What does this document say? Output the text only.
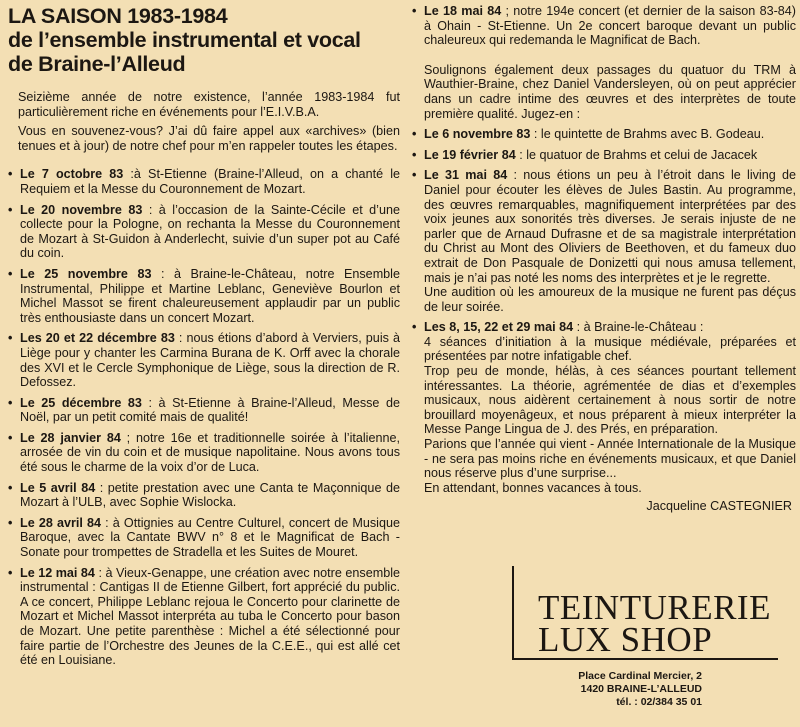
LA SAISON 1983-1984
de l’ensemble instrumental et vocal
de Braine-l’Alleud

Seizième année de notre existence, l’année 1983-1984 fut particulièrement riche en événements pour l’E.I.V.B.A.

Vous en souvenez-vous? J’ai dû faire appel aux «archives» (bien tenues et à jour) de notre chef pour m’en rappeler toutes les étapes.

• Le 7 octobre 83 :à St-Etienne (Braine-l’Alleud, on a chanté le Requiem et la Messe du Couronnement de Mozart.
• Le 20 novembre 83 : à l’occasion de la Sainte-Cécile et d’une collecte pour la Pologne, on rechanta la Messe du Couronnement de Mozart à St-Guidon à Anderlecht, suivie d’un super pot au Café du coin.
• Le 25 novembre 83 : à Braine-le-Château, notre Ensemble Instrumental, Philippe et Martine Leblanc, Geneviève Bourlon et Michel Massot se firent chaleureusement applaudir par un public très enthousiaste dans un concert Mozart.
• Les 20 et 22 décembre 83 : nous étions d’abord à Verviers, puis à Liège pour y chanter les Carmina Burana de K. Orff avec la chorale des XVI et le Cercle Symphonique de Liège, sous la direction de R. Defossez.
• Le 25 décembre 83 : à St-Etienne à Braine-l’Alleud, Messe de Noël, par un petit comité mais de qualité!
• Le 28 janvier 84 ; notre 16e et traditionnelle soirée à l’italienne, arrosée de vin du coin et de musique napolitaine. Nous avons tous été sous le charme de la voix d’or de Luca.
• Le 5 avril 84 : petite prestation avec une Canta te Maçonnique de Mozart à l’ULB, avec Sophie Wislocka.
• Le 28 avril 84 : à Ottignies au Centre Culturel, concert de Musique Baroque, avec la Cantate BWV n° 8 et le Magnificat de Bach - Sonate pour trompettes de Stradella et les Suites de Mouret.
• Le 12 mai 84 : à Vieux-Genappe, une création avec notre ensemble instrumental : Cantigas II de Etienne Gilbert, fort apprécié du public. A ce concert, Philippe Leblanc rejoua le Concerto pour clarinette de Mozart et Michel Massot interpréta au tuba le Concerto pour bason de Mozart. Une petite parenthèse : Michel a été sélectionné pour faire partie de l’Orchestre des Jeunes de la C.E.E., qui est allé cet été en Louisiane.
• Le 18 mai 84 ; notre 194e concert (et dernier de la saison 83-84) à Ohain - St-Etienne. Un 2e concert baroque devant un public chaleureux qui redemanda le Magnificat de Bach.

Soulignons également deux passages du quatuor du TRM à Wauthier-Braine, chez Daniel Vandersleyen, où on peut apprécier dans un cadre intime des œuvres et des interprètes de toute première qualité. Jugez-en :

• Le 6 novembre 83 : le quintette de Brahms avec B. Godeau.
• Le 19 février 84 : le quatuor de Brahms et celui de Jacacek
• Le 31 mai 84 : nous étions un peu à l’étroit dans le living de Daniel pour écouter les élèves de Jules Bastin. Au programme, des œuvres remarquables, magnifiquement interprétées par des voix jeunes aux sonorités très diverses. Je serais injuste de ne parler que de Arnaud Dufrasne et de sa magistrale interprétation du Christ au Mont des Oliviers de Beethoven, et du fameux duo extrait de Don Pasquale de Donizetti qui nous amusa tellement, mais je n’ai pas noté les noms des interprètes et je le regrette.

Une audition où les amoureux de la musique ne furent pas déçus de leur soirée.

• Les 8, 15, 22 et 29 mai 84 : à Braine-le-Château :

4 séances d’initiation à la musique médiévale, préparées et présentées par notre infatigable chef.

Trop peu de monde, hélàs, à ces séances pourtant tellement intéressantes. La théorie, agrémentée de dias et d’exemples musicaux, nous aidèrent certainement à nous sortir de notre brouillard moyenâgeux, et nous préparent à mieux interpréter la Messe Pange Lingua de J. des Prés, en préparation.

Parions que l’année qui vient - Année Internationale de la Musique - ne sera pas moins riche en événements musicaux, et que Daniel nous réserve plus d’une surprise...

En attendant, bonnes vacances à tous.

Jacqueline CASTEGNIER

TEINTURERIE
LUX SHOP
Place Cardinal Mercier, 2
1420 BRAINE-L’ALLEUD
tél. : 02/384 35 01
